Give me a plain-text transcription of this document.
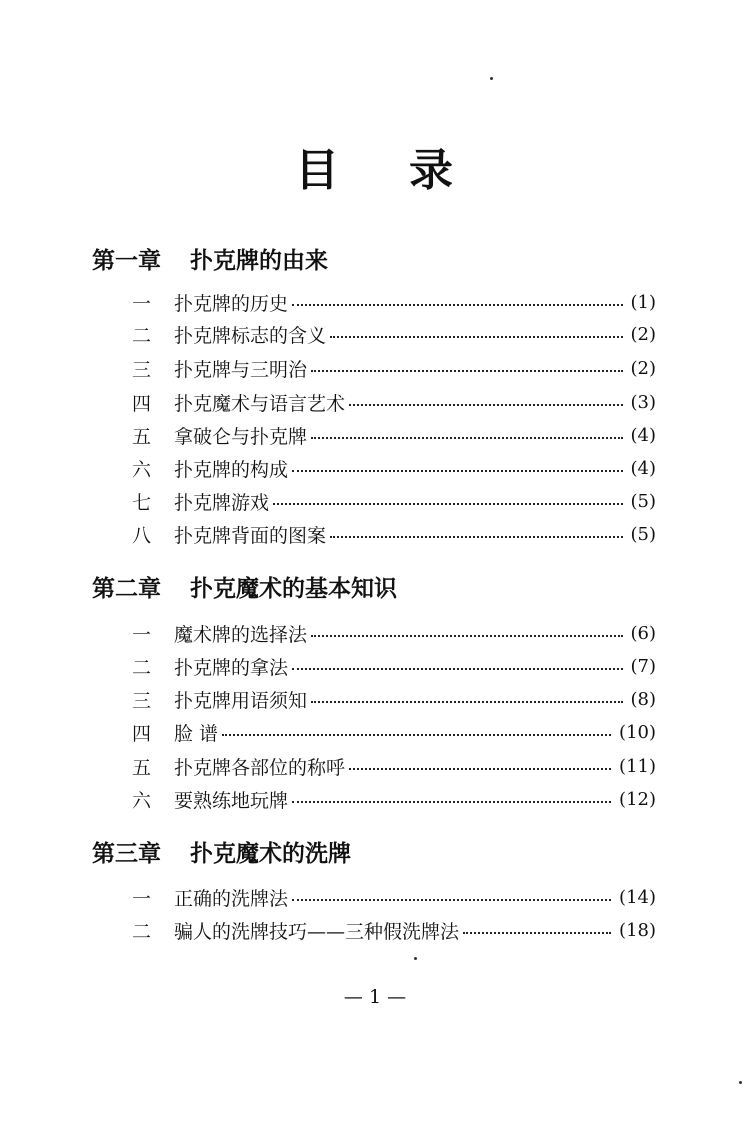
目 录
第一章 扑克牌的由来
一	扑克牌的历史	(1)
二	扑克牌标志的含义	(2)
三	扑克牌与三明治	(2)
四	扑克魔术与语言艺术	(3)
五	拿破仑与扑克牌	(4)
六	扑克牌的构成	(4)
七	扑克牌游戏	(5)
八	扑克牌背面的图案	(5)
第二章 扑克魔术的基本知识
一	魔术牌的选择法	(6)
二	扑克牌的拿法	(7)
三	扑克牌用语须知	(8)
四	脸 谱	(10)
五	扑克牌各部位的称呼	(11)
六	要熟练地玩牌	(12)
第三章 扑克魔术的洗牌
一	正确的洗牌法	(14)
二	骗人的洗牌技巧——三种假洗牌法	(18)
— 1 —
